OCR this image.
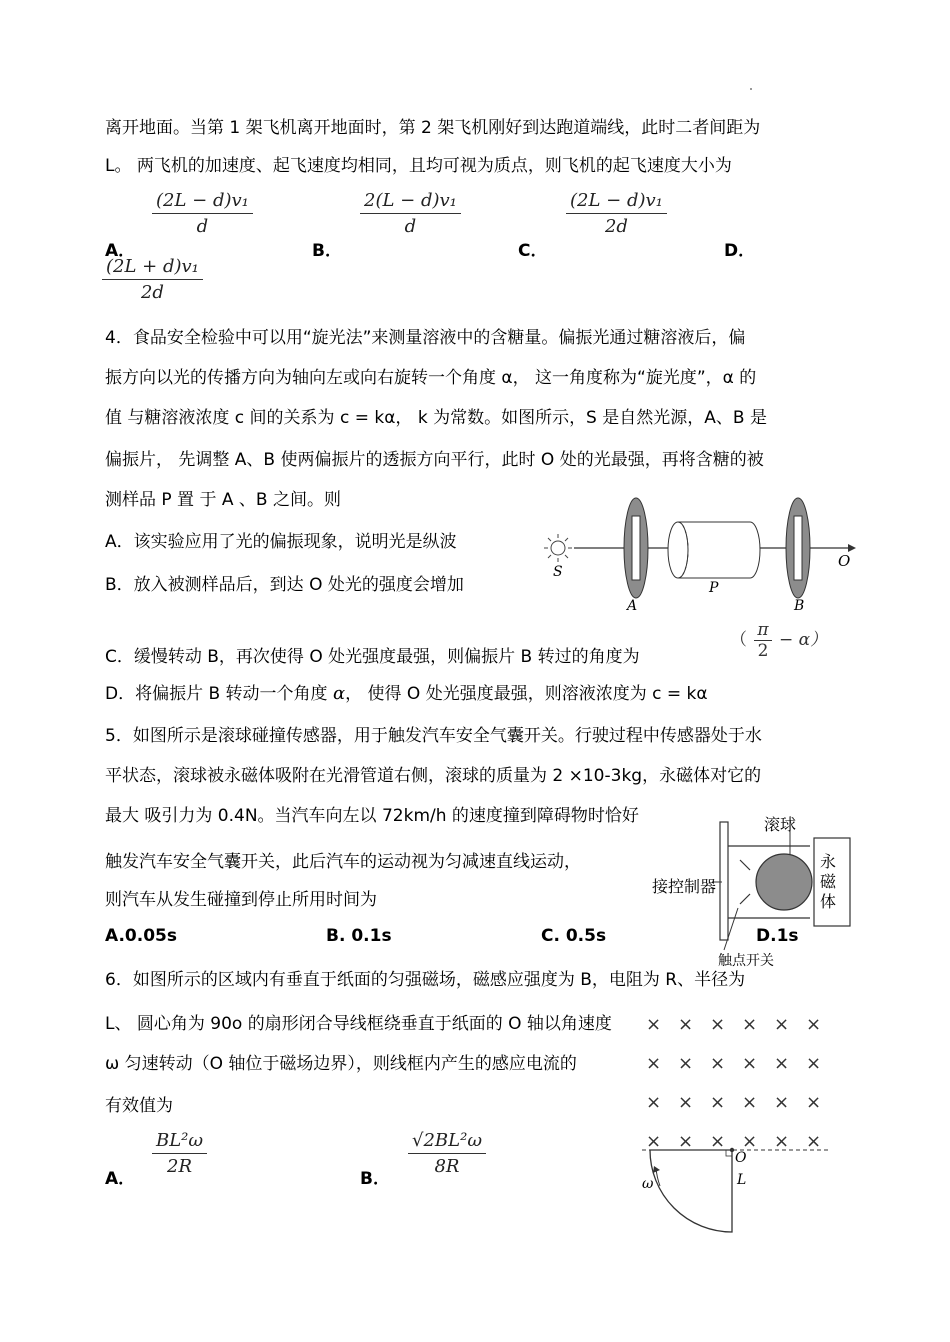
离开地面。当第 1 架飞机离开地面时，第 2 架飞机刚好到达跑道端线，此时二者间距为
L。 两飞机的加速度、起飞速度均相同，且均可视为质点，则飞机的起飞速度大小为
$\frac{\text{(2L − d)v₁}}{d}$
A．
$\frac{\text{2(L − d)v₁}}{d}$
B．
$\frac{\text{(2L − d)v₁}}{2d}$
C．	D．
$\frac{\text{(2L + d)v₁}}{2d}$
4．食品安全检验中可以用“旋光法”来测量溶液中的含糖量。偏振光通过糖溶液后，偏
振方向以光的传播方向为轴向左或向右旋转一个角度 α， 这一角度称为“旋光度”，α 的
值 与糖溶液浓度 c 间的关系为 c = kα， k 为常数。如图所示，S 是自然光源，A、B 是
偏振片， 先调整 A、B 使两偏振片的透振方向平行，此时 O 处的光最强，再将含糖的被
测样品 P 置 于 A 、B 之间。则
A．该实验应用了光的偏振现象，说明光是纵波
B．放入被测样品后，到达 O 处光的强度会增加
S
O
A
P
B
C．缓慢转动 B，再次使得 O 处光强度最强，则偏振片 B 转过的角度为
（ $\frac{\pi}{2} - \alpha$）
D．将偏振片 B 转动一个角度 α， 使得 O 处光强度最强，则溶液浓度为 c = kα
5．如图所示是滚球碰撞传感器，用于触发汽车安全气囊开关。行驶过程中传感器处于水
平状态，滚球被永磁体吸附在光滑管道右侧，滚球的质量为 2 ×10-3kg，永磁体对它的
最大 吸引力为 0.4N。当汽车向左以 72km/h 的速度撞到障碍物时恰好
触发汽车安全气囊开关，此后汽车的运动视为匀减速直线运动，
则汽车从发生碰撞到停止所用时间为
A.0.05s	B. 0.1s	C. 0.5s	D.1s
滚球
永磁体
接控制器
触点开关
6．如图所示的区域内有垂直于纸面的匀强磁场，磁感应强度为 B，电阻为 R、半径为
L、 圆心角为 90o 的扇形闭合导线框绕垂直于纸面的 O 轴以角速度
ω 匀速转动（O 轴位于磁场边界），则线框内产生的感应电流的
有效值为
$\frac{\text{BL²ω}}{2R}$
A．
$\frac{\text{√2BL²ω}}{8R}$
B．
× × × × × ×
× × × × × ×
× × × × × ×
× × × × × ×
O
L
ω
